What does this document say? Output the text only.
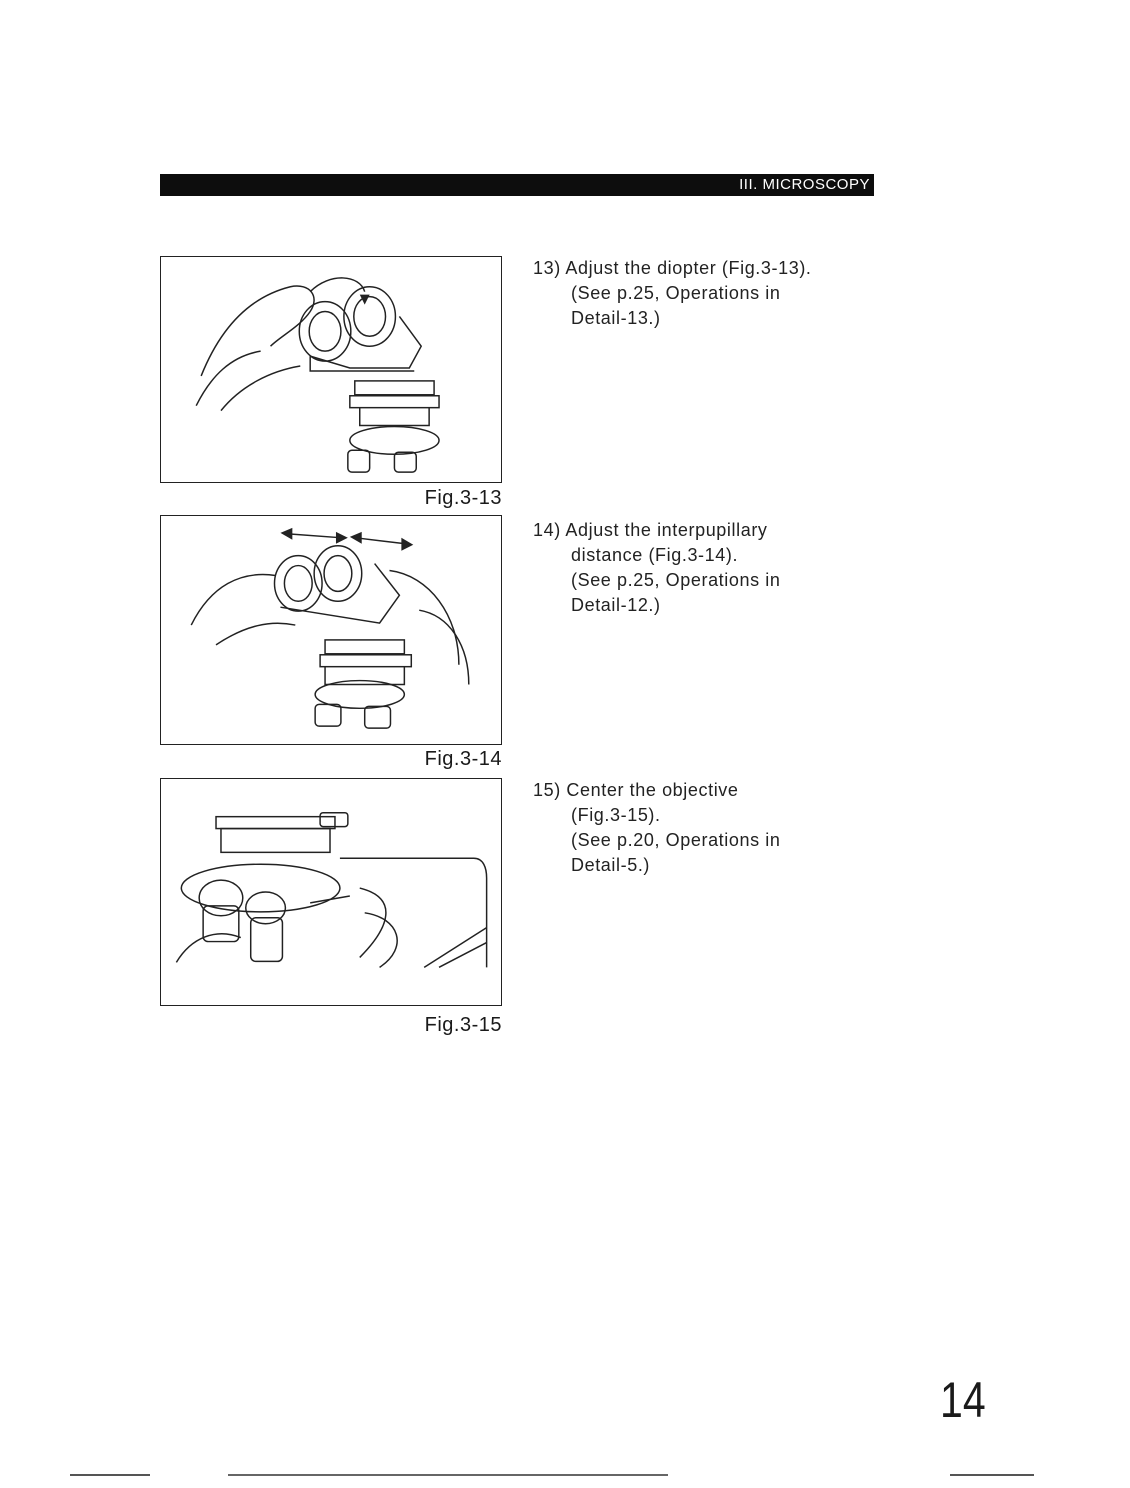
III. MICROSCOPY
Fig.3-13
Fig.3-14
Fig.3-15
13) Adjust the diopter (Fig.3-13).
(See p.25, Operations in
Detail-13.)
14) Adjust the interpupillary
distance (Fig.3-14).
(See p.25, Operations in
Detail-12.)
15) Center the objective
(Fig.3-15).
(See p.20, Operations in
Detail-5.)
14
